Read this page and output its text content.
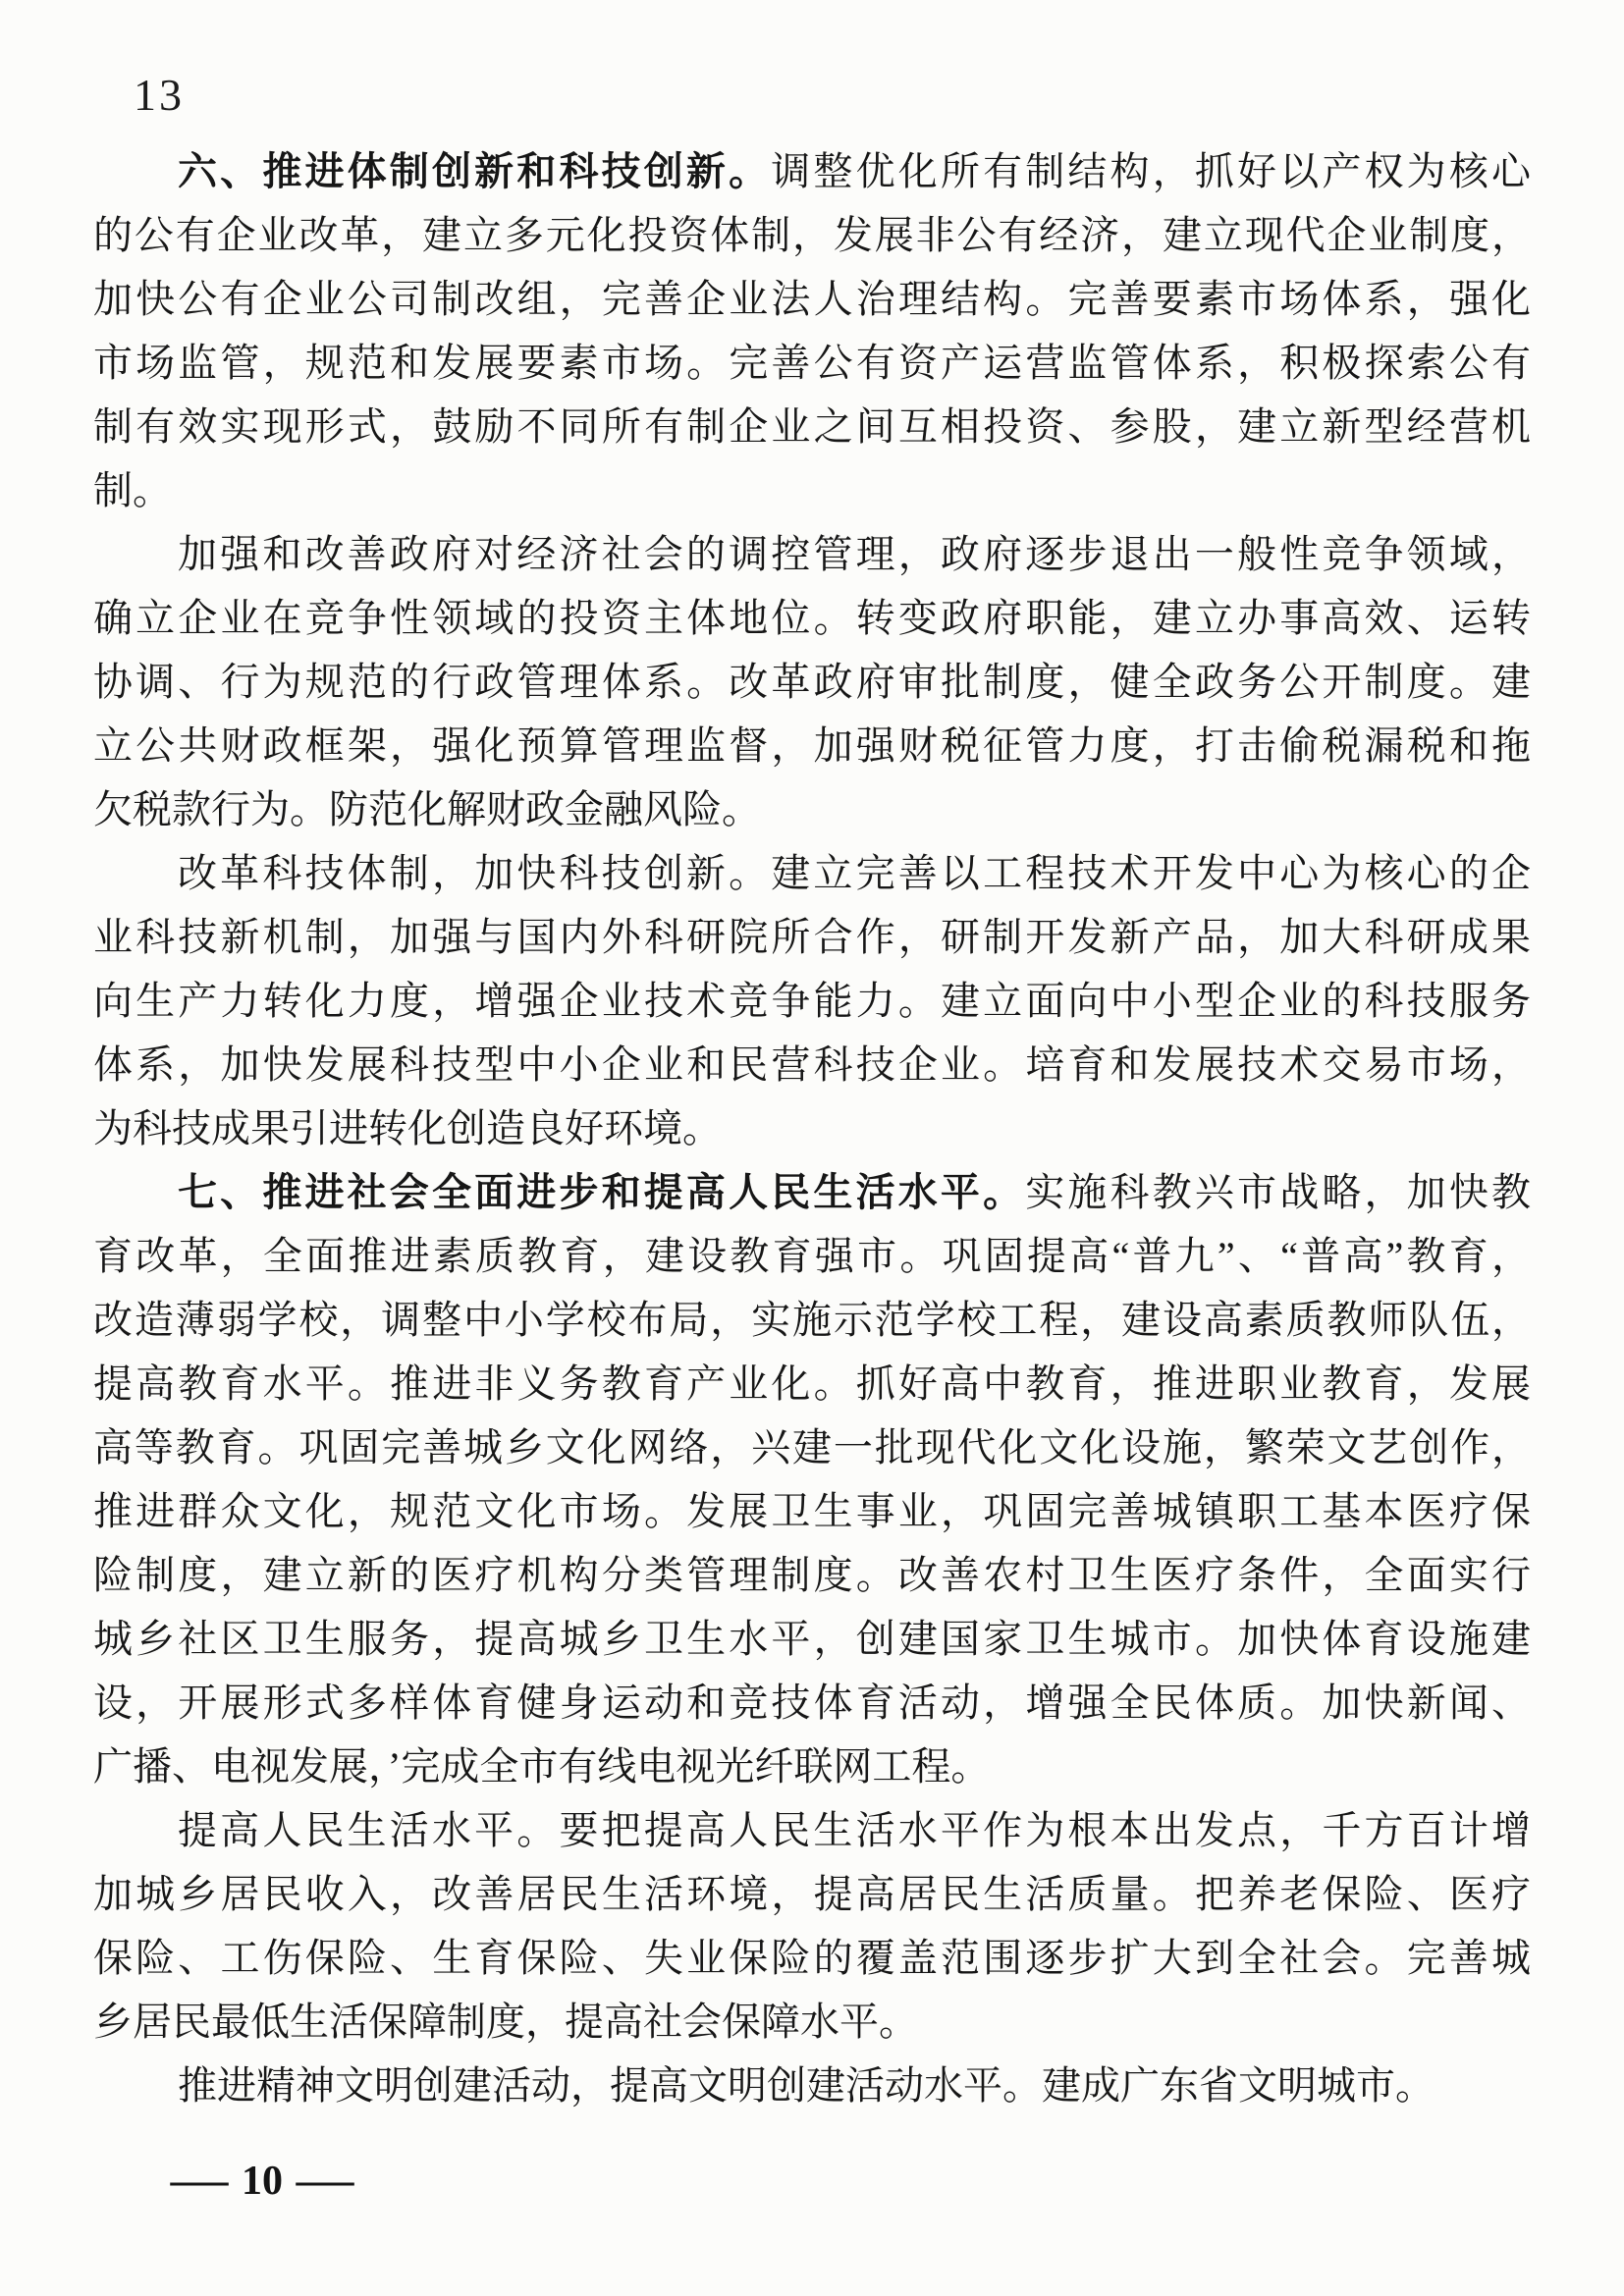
13
六、推进体制创新和科技创新。调整优化所有制结构，抓好以产权为核心
的公有企业改革，建立多元化投资体制，发展非公有经济，建立现代企业制度，
加快公有企业公司制改组，完善企业法人治理结构。完善要素市场体系，强化
市场监管，规范和发展要素市场。完善公有资产运营监管体系，积极探索公有
制有效实现形式，鼓励不同所有制企业之间互相投资、参股，建立新型经营机
制。
加强和改善政府对经济社会的调控管理，政府逐步退出一般性竞争领域，
确立企业在竞争性领域的投资主体地位。转变政府职能，建立办事高效、运转
协调、行为规范的行政管理体系。改革政府审批制度，健全政务公开制度。建
立公共财政框架，强化预算管理监督，加强财税征管力度，打击偷税漏税和拖
欠税款行为。防范化解财政金融风险。
改革科技体制，加快科技创新。建立完善以工程技术开发中心为核心的企
业科技新机制，加强与国内外科研院所合作，研制开发新产品，加大科研成果
向生产力转化力度，增强企业技术竞争能力。建立面向中小型企业的科技服务
体系，加快发展科技型中小企业和民营科技企业。培育和发展技术交易市场，
为科技成果引进转化创造良好环境。
七、推进社会全面进步和提高人民生活水平。实施科教兴市战略，加快教
育改革，全面推进素质教育，建设教育强市。巩固提高“普九”、“普高”教育，
改造薄弱学校，调整中小学校布局，实施示范学校工程，建设高素质教师队伍，
提高教育水平。推进非义务教育产业化。抓好高中教育，推进职业教育，发展
高等教育。巩固完善城乡文化网络，兴建一批现代化文化设施，繁荣文艺创作，
推进群众文化，规范文化市场。发展卫生事业，巩固完善城镇职工基本医疗保
险制度，建立新的医疗机构分类管理制度。改善农村卫生医疗条件，全面实行
城乡社区卫生服务，提高城乡卫生水平，创建国家卫生城市。加快体育设施建
设，开展形式多样体育健身运动和竞技体育活动，增强全民体质。加快新闻、
广播、电视发展，’完成全市有线电视光纤联网工程。
提高人民生活水平。要把提高人民生活水平作为根本出发点，千方百计增
加城乡居民收入，改善居民生活环境，提高居民生活质量。把养老保险、医疗
保险、工伤保险、生育保险、失业保险的覆盖范围逐步扩大到全社会。完善城
乡居民最低生活保障制度，提高社会保障水平。
推进精神文明创建活动，提高文明创建活动水平。建成广东省文明城市。
— 10 —
